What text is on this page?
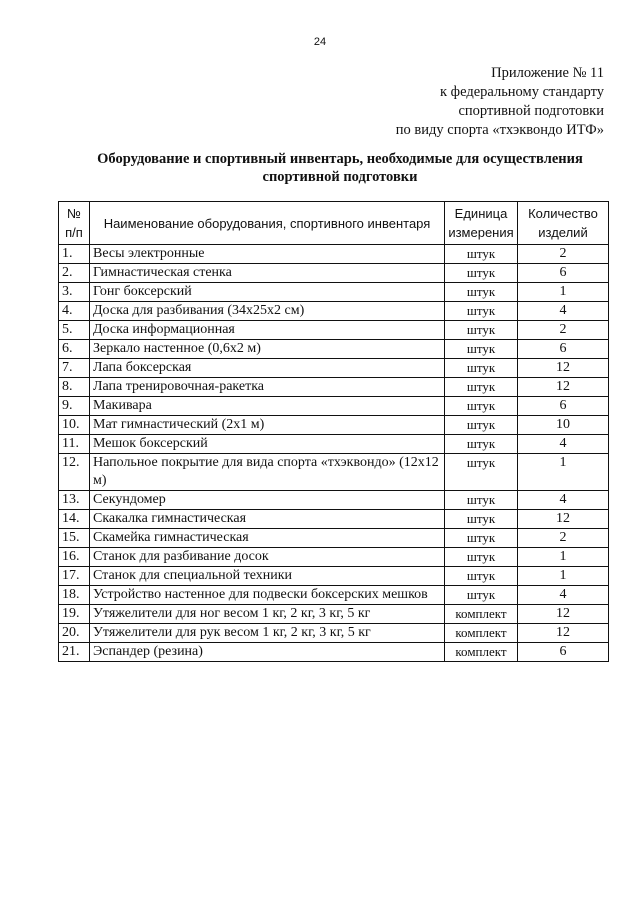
24
Приложение № 11
к федеральному стандарту
спортивной подготовки
по виду спорта «тхэквондо ИТФ»
Оборудование и спортивный инвентарь, необходимые для осуществления
спортивной подготовки
№ п/п	Наименование оборудования, спортивного инвентаря	Единица измерения	Количество изделий
1.	Весы электронные	штук	2
2.	Гимнастическая стенка	штук	6
3.	Гонг боксерский	штук	1
4.	Доска для разбивания (34х25х2 см)	штук	4
5.	Доска информационная	штук	2
6.	Зеркало настенное (0,6х2 м)	штук	6
7.	Лапа боксерская	штук	12
8.	Лапа тренировочная-ракетка	штук	12
9.	Макивара	штук	6
10.	Мат гимнастический (2х1 м)	штук	10
11.	Мешок боксерский	штук	4
12.	Напольное покрытие для вида спорта «тхэквондо» (12х12 м)	штук	1
13.	Секундомер	штук	4
14.	Скакалка гимнастическая	штук	12
15.	Скамейка гимнастическая	штук	2
16.	Станок для разбивание досок	штук	1
17.	Станок для специальной техники	штук	1
18.	Устройство настенное для подвески боксерских мешков	штук	4
19.	Утяжелители для ног весом 1 кг, 2 кг, 3 кг, 5 кг	комплект	12
20.	Утяжелители для рук весом 1 кг, 2 кг, 3 кг, 5 кг	комплект	12
21.	Эспандер (резина)	комплект	6
